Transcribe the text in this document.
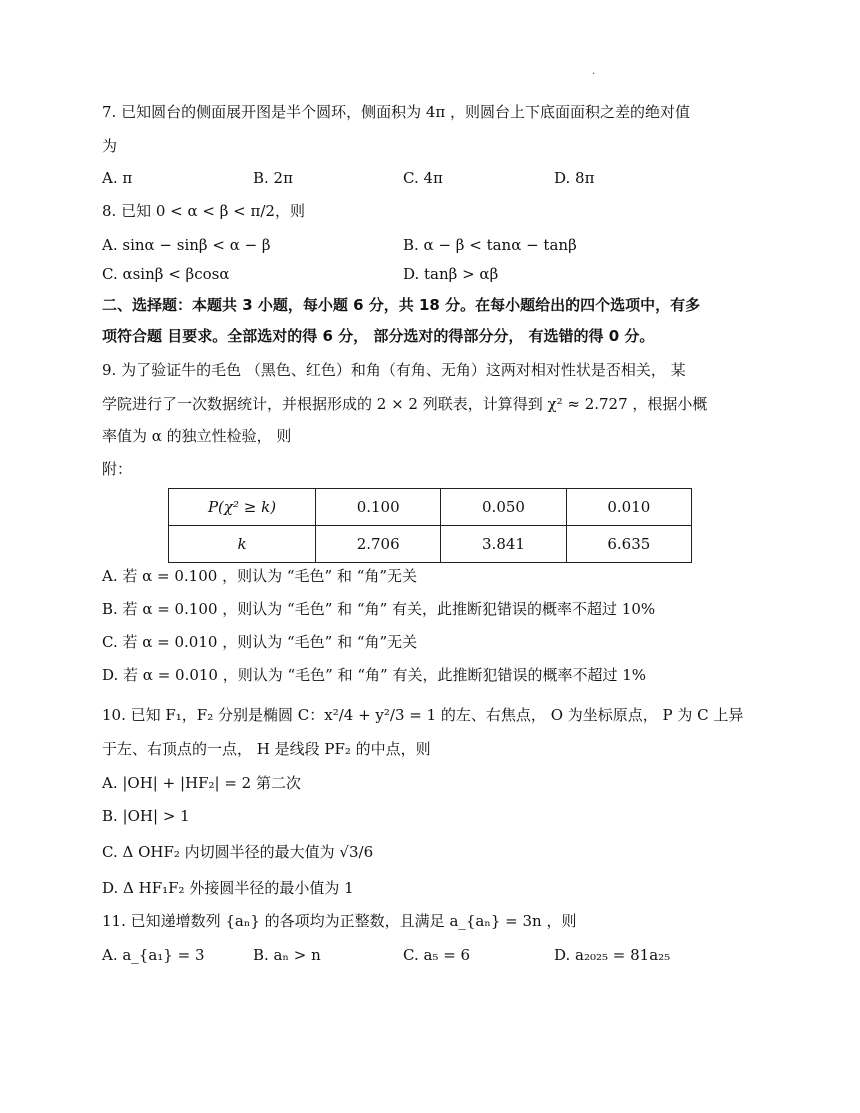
.
7. 已知圆台的侧面展开图是半个圆环，侧面积为 4π ，则圆台上下底面面积之差的绝对值
为
A. π	B. 2π	C. 4π	D. 8π
8. 已知 0 < α < β < π/2，则
A. sinα − sinβ < α − β	B. α − β < tanα − tanβ
C. αsinβ < βcosα	D. tanβ > αβ
二、选择题：本题共 3 小题，每小题 6 分，共 18 分。在每小题给出的四个选项中，有多
项符合题 目要求。全部选对的得 6 分， 部分选对的得部分分， 有选错的得 0 分。
9. 为了验证牛的毛色 （黑色、红色）和角（有角、无角）这两对相对性状是否相关， 某
学院进行了一次数据统计，并根据形成的 2 × 2 列联表，计算得到 χ² ≈ 2.727 ，根据小概
率值为 α 的独立性检验， 则
附：
P(χ² ≥ k)	0.100	0.050	0.010
k	2.706	3.841	6.635
A. 若 α = 0.100 ，则认为 “毛色” 和 “角”无关
B. 若 α = 0.100 ，则认为 “毛色” 和 “角” 有关，此推断犯错误的概率不超过 10%
C. 若 α = 0.010 ，则认为 “毛色” 和 “角”无关
D. 若 α = 0.010 ，则认为 “毛色” 和 “角” 有关，此推断犯错误的概率不超过 1%
10. 已知 F₁，F₂ 分别是椭圆 C：x²/4 + y²/3 = 1 的左、右焦点， O 为坐标原点， P 为 C 上异
于左、右顶点的一点， H 是线段 PF₂ 的中点，则
A. |OH| + |HF₂| = 2 第二次
B. |OH| > 1
C. Δ OHF₂ 内切圆半径的最大值为 √3/6
D. Δ HF₁F₂ 外接圆半径的最小值为 1
11. 已知递增数列 {aₙ} 的各项均为正整数，且满足 a_{aₙ} = 3n ，则
A. a_{a₁} = 3	B. aₙ > n	C. a₅ = 6	D. a₂₀₂₅ = 81a₂₅
